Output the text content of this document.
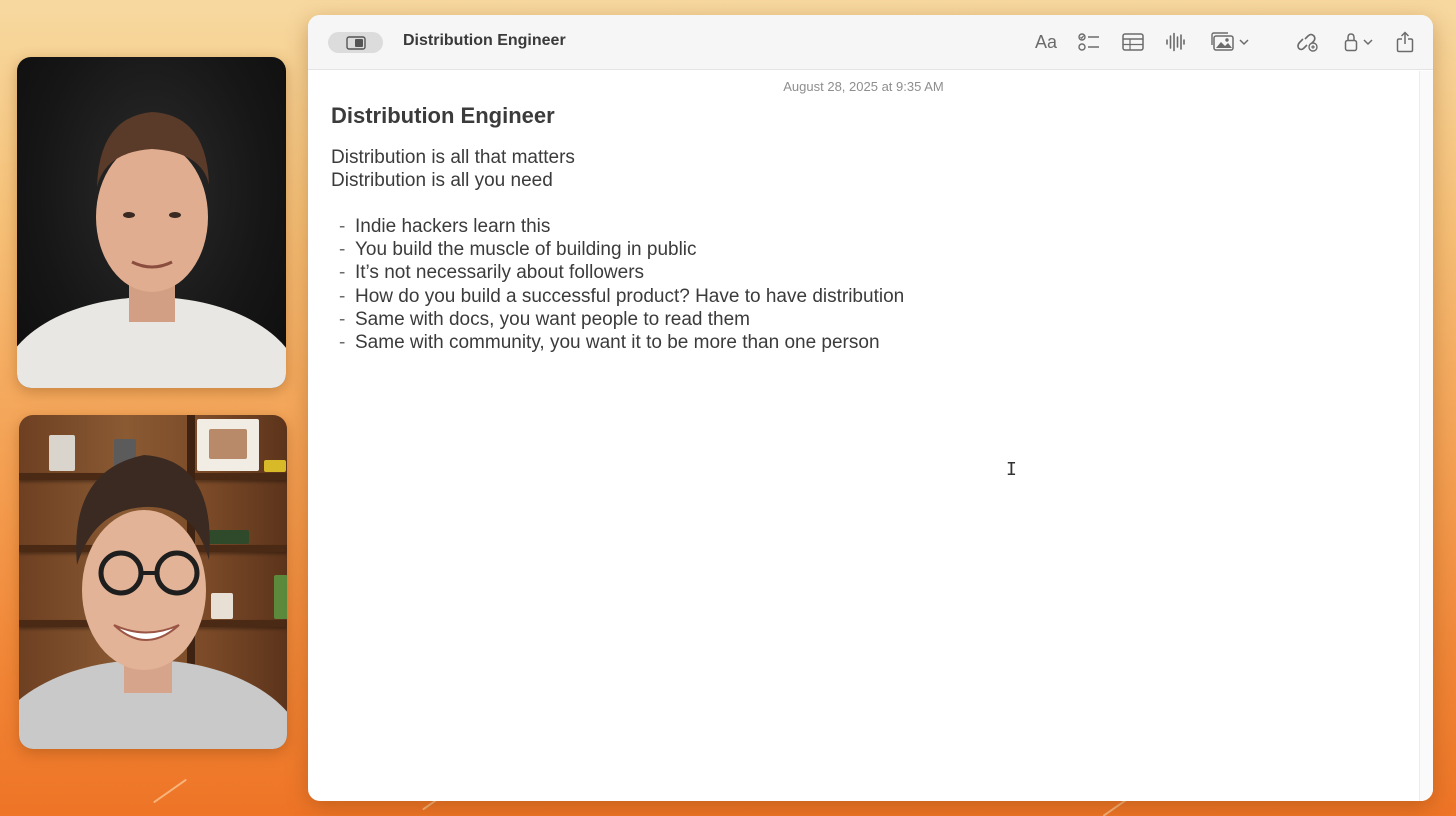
Distribution Engineer	Aa
August 28, 2025 at 9:35 AM
Distribution Engineer
Distribution is all that matters
Distribution is all you need
- Indie hackers learn this
- You build the muscle of building in public
- It’s not necessarily about followers
- How do you build a successful product? Have to have distribution
- Same with docs, you want people to read them
- Same with community, you want it to be more than one person
I
